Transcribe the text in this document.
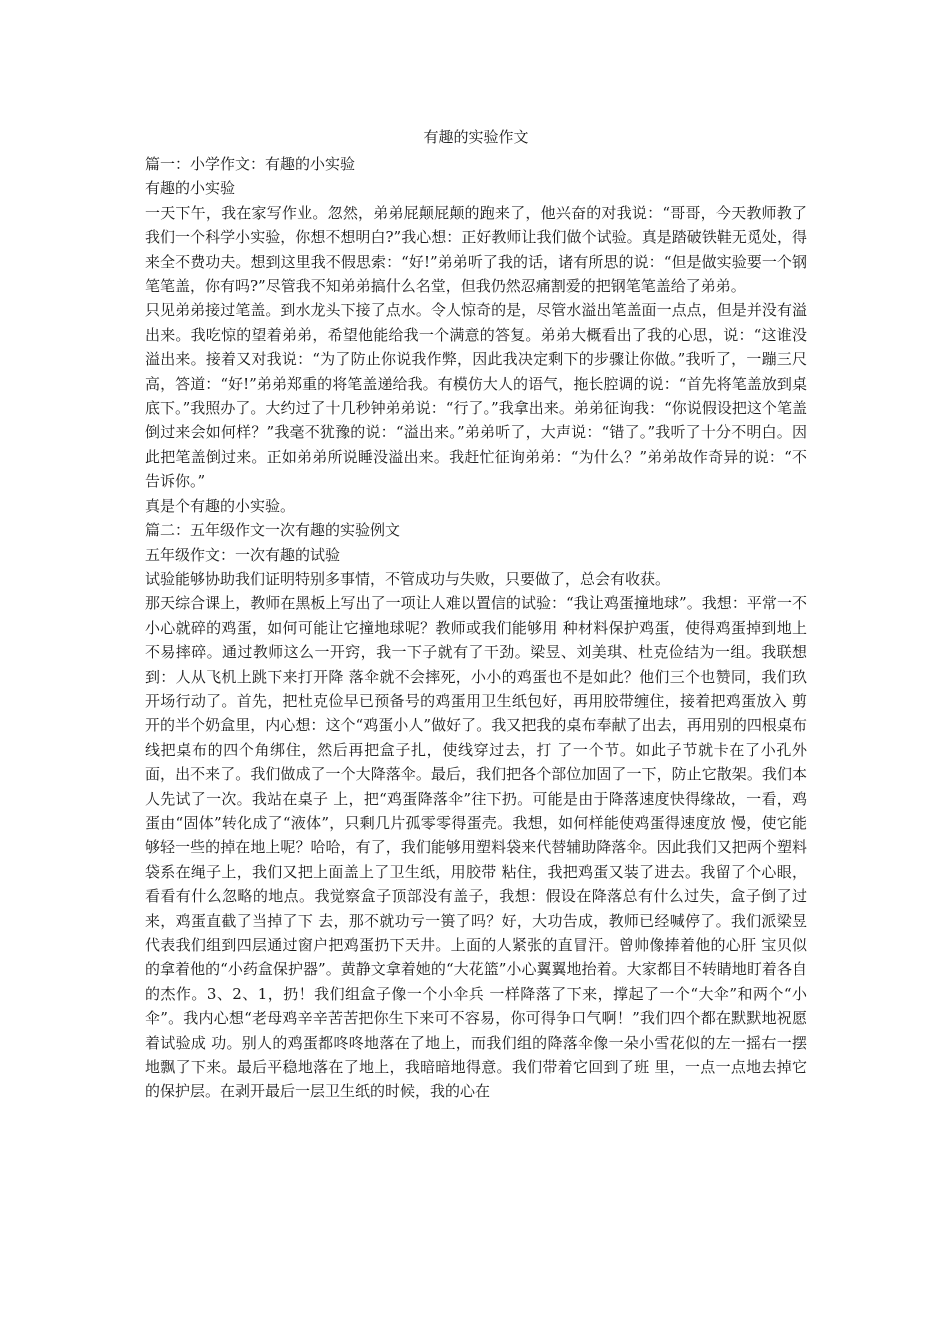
有趣的实验作文

篇一：小学作文：有趣的小实验

有趣的小实验

一天下午，我在家写作业。忽然，弟弟屁颠屁颠的跑来了，他兴奋的对我说：“哥哥，今天教师教了我们一个科学小实验，你想不想明白?”我心想：正好教师让我们做个试验。真是踏破铁鞋无觅处，得来全不费功夫。想到这里我不假思索：“好!”弟弟听了我的话，诸有所思的说：“但是做实验要一个钢笔笔盖，你有吗?”尽管我不知弟弟搞什么名堂，但我仍然忍痛割爱的把钢笔笔盖给了弟弟。

只见弟弟接过笔盖。到水龙头下接了点水。令人惊奇的是，尽管水溢出笔盖面一点点，但是并没有溢出来。我吃惊的望着弟弟，希望他能给我一个满意的答复。弟弟大概看出了我的心思，说：“这谁没溢出来。接着又对我说：“为了防止你说我作弊，因此我决定剩下的步骤让你做。”我听了，一蹦三尺高，答道：“好!”弟弟郑重的将笔盖递给我。有模仿大人的语气，拖长腔调的说：“首先将笔盖放到桌底下。”我照办了。大约过了十几秒钟弟弟说：“行了。”我拿出来。弟弟征询我：“你说假设把这个笔盖倒过来会如何样？”我毫不犹豫的说：“溢出来。”弟弟听了，大声说：“错了。”我听了十分不明白。因此把笔盖倒过来。正如弟弟所说睡没溢出来。我赶忙征询弟弟：“为什么？”弟弟故作奇异的说：“不告诉你。”

真是个有趣的小实验。

篇二：五年级作文一次有趣的实验例文

五年级作文：一次有趣的试验

试验能够协助我们证明特别多事情，不管成功与失败，只要做了，总会有收获。

那天综合课上，教师在黑板上写出了一项让人难以置信的试验：“我让鸡蛋撞地球”。我想：平常一不小心就碎的鸡蛋，如何可能让它撞地球呢？教师或我们能够用 种材料保护鸡蛋，使得鸡蛋掉到地上不易摔碎。通过教师这么一开窍，我一下子就有了干劲。梁昱、刘美琪、杜克俭结为一组。我联想到：人从飞机上跳下来打开降 落伞就不会摔死，小小的鸡蛋也不是如此？他们三个也赞同，我们玖开场行动了。首先，把杜克俭早已预备号的鸡蛋用卫生纸包好，再用胶带缠住，接着把鸡蛋放入 剪开的半个奶盒里，内心想：这个“鸡蛋小人”做好了。我又把我的桌布奉献了出去，再用别的四根桌布线把桌布的四个角绑住，然后再把盒子扎，使线穿过去，打 了一个节。如此子节就卡在了小孔外面，出不来了。我们做成了一个大降落伞。最后，我们把各个部位加固了一下，防止它散架。我们本人先试了一次。我站在桌子 上，把“鸡蛋降落伞”往下扔。可能是由于降落速度快得缘故，一看，鸡蛋由“固体”转化成了“液体”，只剩几片孤零零得蛋壳。我想，如何样能使鸡蛋得速度放 慢，使它能够轻一些的掉在地上呢？哈哈，有了，我们能够用塑料袋来代替辅助降落伞。因此我们又把两个塑料袋系在绳子上，我们又把上面盖上了卫生纸，用胶带 粘住，我把鸡蛋又装了进去。我留了个心眼，看看有什么忽略的地点。我觉察盒子顶部没有盖子，我想：假设在降落总有什么过失，盒子倒了过来，鸡蛋直截了当掉了下 去，那不就功亏一篑了吗？好，大功告成，教师已经喊停了。我们派梁昱代表我们组到四层通过窗户把鸡蛋扔下天井。上面的人紧张的直冒汗。曾帅像捧着他的心肝 宝贝似的拿着他的“小药盒保护器”。黄静文拿着她的“大花篮”小心翼翼地抬着。大家都目不转睛地盯着各自的杰作。3、2、1，扔！我们组盒子像一个小伞兵 一样降落了下来，撑起了一个“大伞”和两个“小伞”。我内心想“老母鸡辛辛苦苦把你生下来可不容易，你可得争口气啊！”我们四个都在默默地祝愿着试验成 功。别人的鸡蛋都咚咚地落在了地上，而我们组的降落伞像一朵小雪花似的左一摇右一摆地飘了下来。最后平稳地落在了地上，我暗暗地得意。我们带着它回到了班 里，一点一点地去掉它的保护层。在剥开最后一层卫生纸的时候，我的心在
